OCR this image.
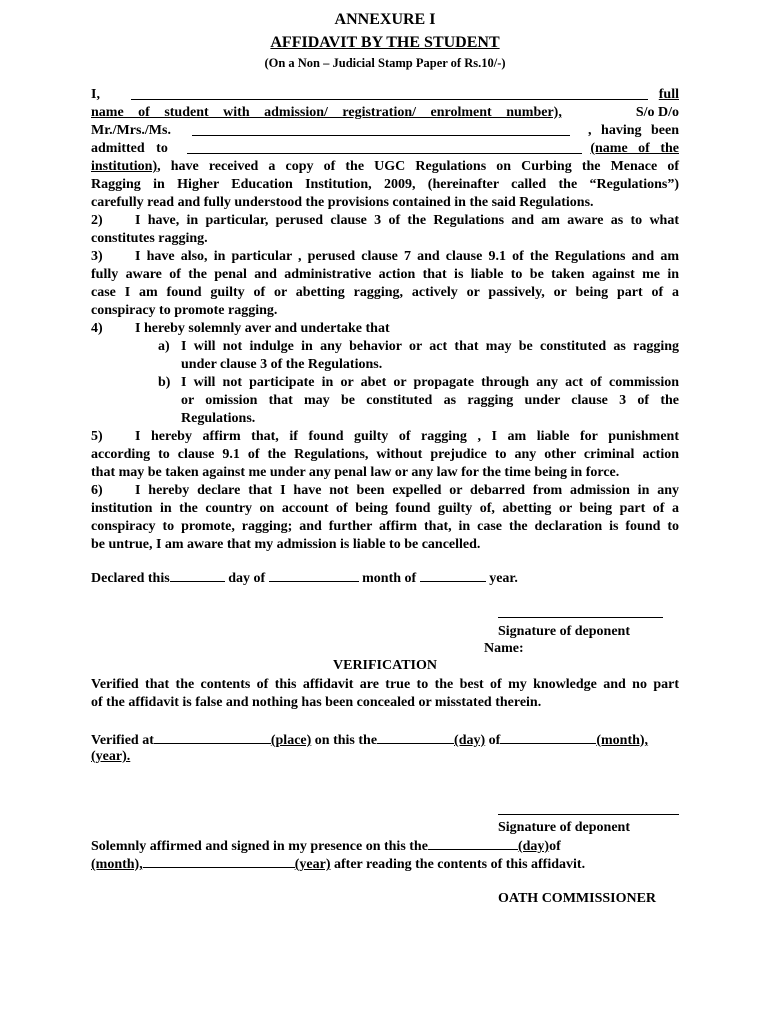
ANNEXURE I
AFFIDAVIT BY THE STUDENT
(On a Non – Judicial Stamp Paper of Rs.10/-)
I,	full
name of student with admission/ registration/ enrolment number),	S/o D/o
Mr./Mrs./Ms.	, having been
admitted to	(name of the
institution), have received a copy of the UGC Regulations on Curbing the Menace of
Ragging in Higher Education Institution, 2009, (hereinafter called the “Regulations”)
carefully read and fully understood the provisions contained in the said Regulations.
2) I have, in particular, perused clause 3 of the Regulations and am aware as to what
constitutes ragging.
3) I have also, in particular , perused clause 7 and clause 9.1 of the Regulations and am
fully aware of the penal and administrative action that is liable to be taken against me in
case I am found guilty of or abetting ragging, actively or passively, or being part of a
conspiracy to promote ragging.
4) I hereby solemnly aver and undertake that
a) I will not indulge in any behavior or act that may be constituted as ragging
under clause 3 of the Regulations.
b) I will not participate in or abet or propagate through any act of commission
or omission that may be constituted as ragging under clause 3 of the
Regulations.
5) I hereby affirm that, if found guilty of ragging , I am liable for punishment
according to clause 9.1 of the Regulations, without prejudice to any other criminal action
that may be taken against me under any penal law or any law for the time being in force.
6) I hereby declare that I have not been expelled or debarred from admission in any
institution in the country on account of being found guilty of, abetting or being part of a
conspiracy to promote, ragging; and further affirm that, in case the declaration is found to
be untrue, I am aware that my admission is liable to be cancelled.
Declared this	day of	month of	year.
Signature of deponent
Name:
VERIFICATION
Verified that the contents of this affidavit are true to the best of my knowledge and no part
of the affidavit is false and nothing has been concealed or misstated therein.
Verified at	(place) on this the	(day) of	(month),
(year).
Signature of deponent
Solemnly affirmed and signed in my presence on this the	(day)of
(month),	(year) after reading the contents of this affidavit.
OATH COMMISSIONER
